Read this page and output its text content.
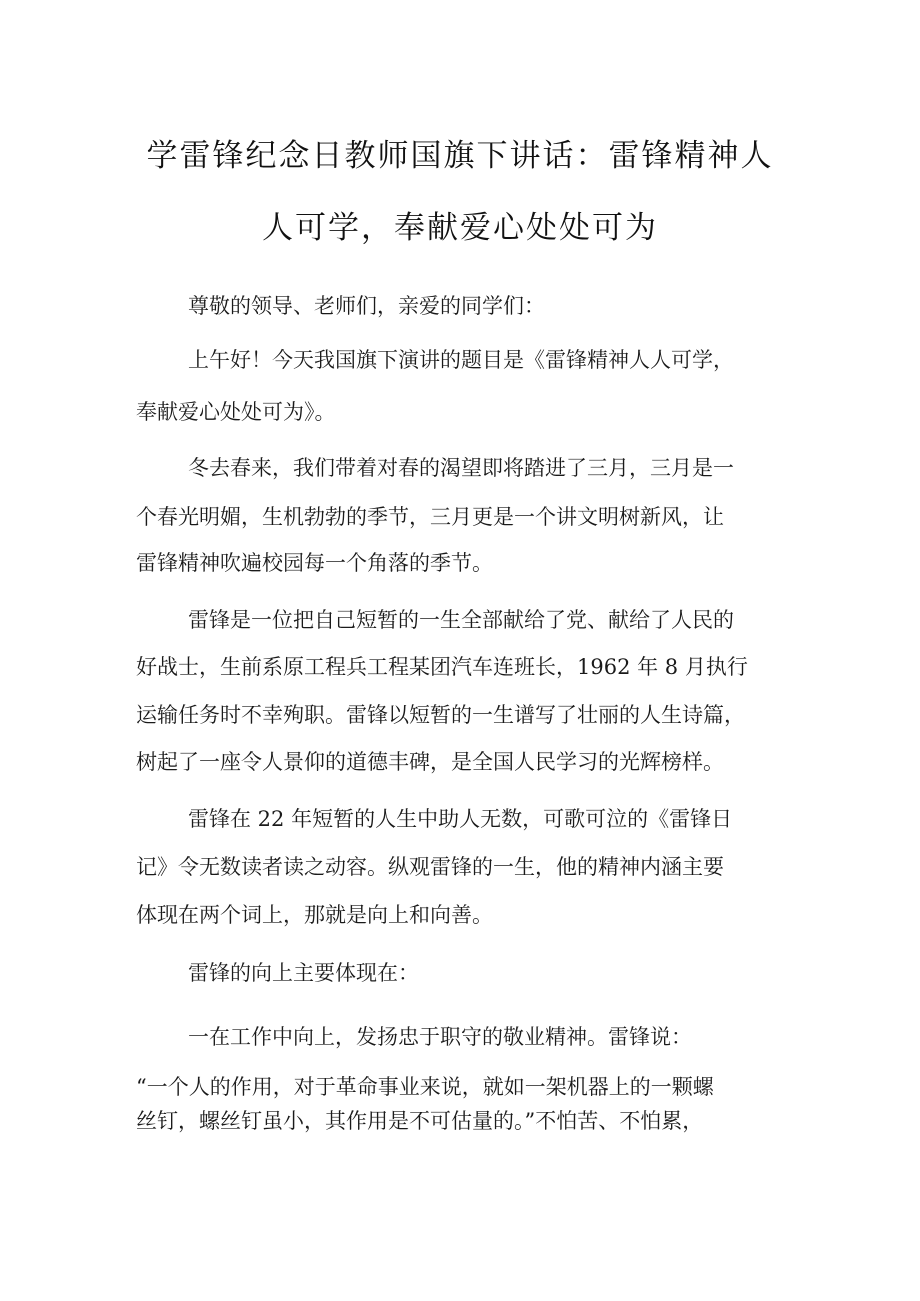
学雷锋纪念日教师国旗下讲话：雷锋精神人
人可学，奉献爱心处处可为
尊敬的领导、老师们，亲爱的同学们：
上午好！今天我国旗下演讲的题目是《雷锋精神人人可学，
奉献爱心处处可为》。
冬去春来，我们带着对春的渴望即将踏进了三月，三月是一
个春光明媚，生机勃勃的季节，三月更是一个讲文明树新风，让
雷锋精神吹遍校园每一个角落的季节。
雷锋是一位把自己短暂的一生全部献给了党、献给了人民的
好战士，生前系原工程兵工程某团汽车连班长，1962 年 8 月执行
运输任务时不幸殉职。雷锋以短暂的一生谱写了壮丽的人生诗篇，
树起了一座令人景仰的道德丰碑，是全国人民学习的光辉榜样。
雷锋在 22 年短暂的人生中助人无数，可歌可泣的《雷锋日
记》令无数读者读之动容。纵观雷锋的一生，他的精神内涵主要
体现在两个词上，那就是向上和向善。
雷锋的向上主要体现在：
一在工作中向上，发扬忠于职守的敬业精神。雷锋说：
“一个人的作用，对于革命事业来说，就如一架机器上的一颗螺
丝钉，螺丝钉虽小，其作用是不可估量的。”不怕苦、不怕累，
